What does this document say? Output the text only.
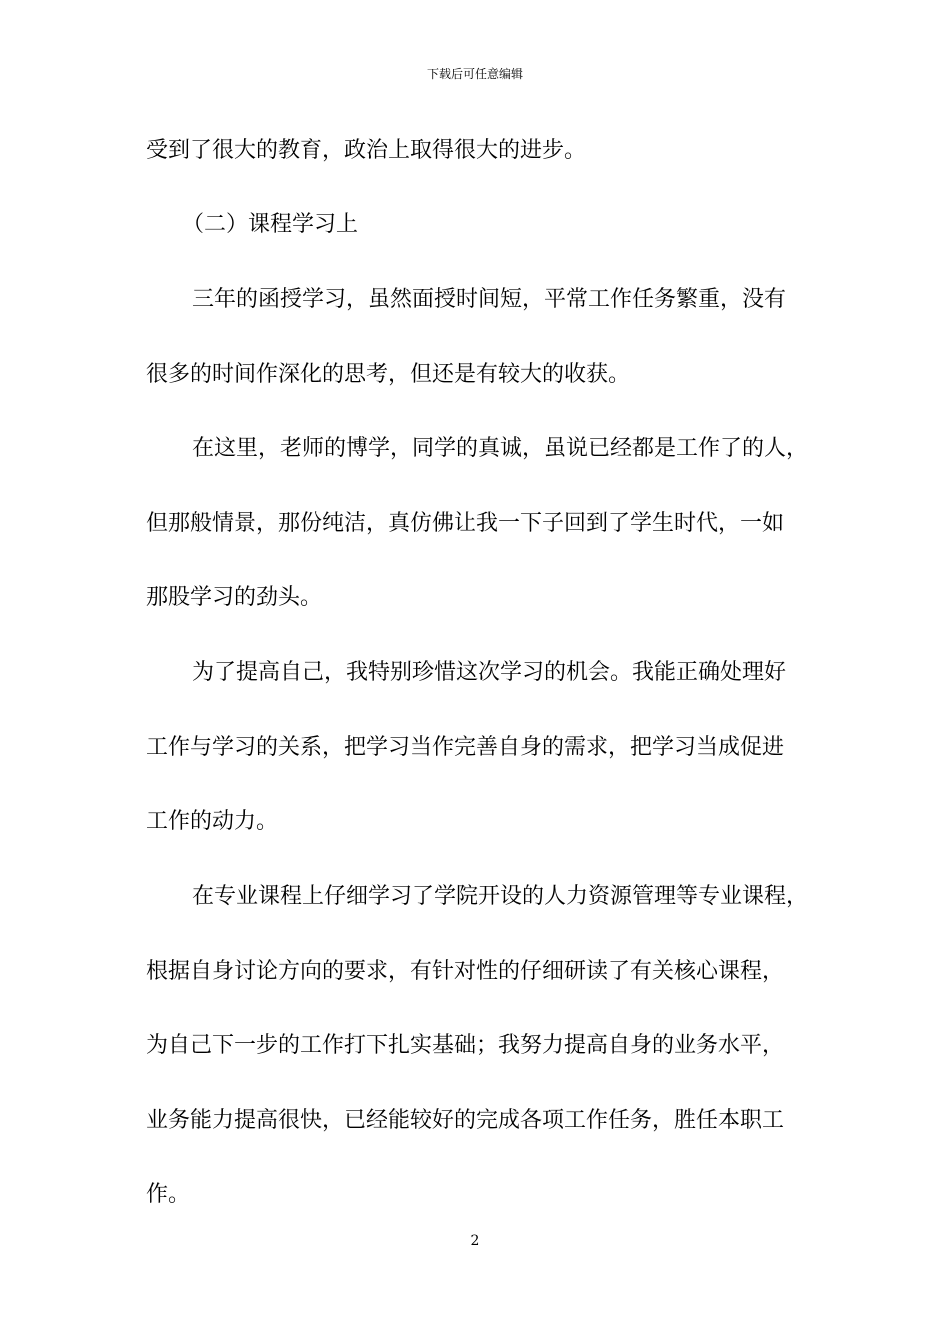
下载后可任意编辑
受到了很大的教育，政治上取得很大的进步。
（二）课程学习上
三年的函授学习，虽然面授时间短，平常工作任务繁重，没有
很多的时间作深化的思考，但还是有较大的收获。
在这里，老师的博学，同学的真诚，虽说已经都是工作了的人，
但那般情景，那份纯洁，真仿佛让我一下子回到了学生时代，一如
那股学习的劲头。
为了提高自己，我特别珍惜这次学习的机会。我能正确处理好
工作与学习的关系，把学习当作完善自身的需求，把学习当成促进
工作的动力。
在专业课程上仔细学习了学院开设的人力资源管理等专业课程，
根据自身讨论方向的要求，有针对性的仔细研读了有关核心课程，
为自己下一步的工作打下扎实基础；我努力提高自身的业务水平，
业务能力提高很快，已经能较好的完成各项工作任务，胜任本职工
作。
2
